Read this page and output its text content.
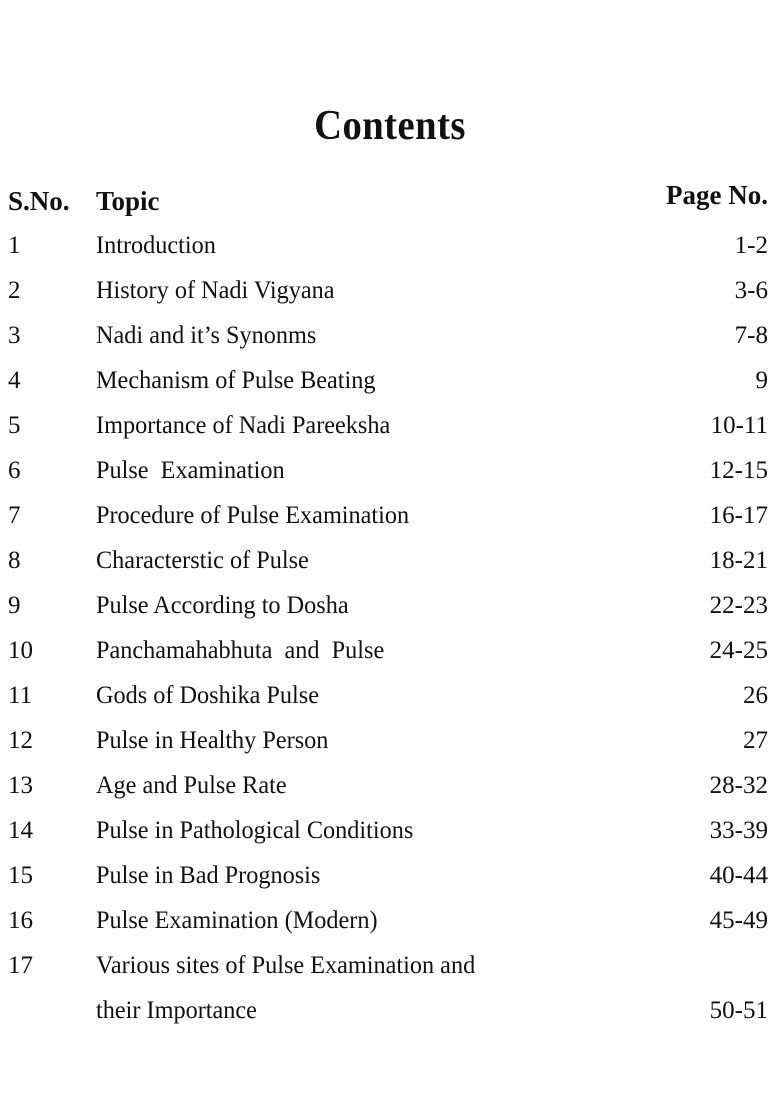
Contents
S.No. Topic	Page No.
1	Introduction	1-2
2	History of Nadi Vigyana	3-6
3	Nadi and it’s Synonms	7-8
4	Mechanism of Pulse Beating	9
5	Importance of Nadi Pareeksha	10-11
6	Pulse  Examination	12-15
7	Procedure of Pulse Examination	16-17
8	Characterstic of Pulse	18-21
9	Pulse According to Dosha	22-23
10	Panchamahabhuta  and  Pulse	24-25
11	Gods of Doshika Pulse	26
12	Pulse in Healthy Person	27
13	Age and Pulse Rate	28-32
14	Pulse in Pathological Conditions	33-39
15	Pulse in Bad Prognosis	40-44
16	Pulse Examination (Modern)	45-49
17	Various sites of Pulse Examination and
their Importance	50-51
